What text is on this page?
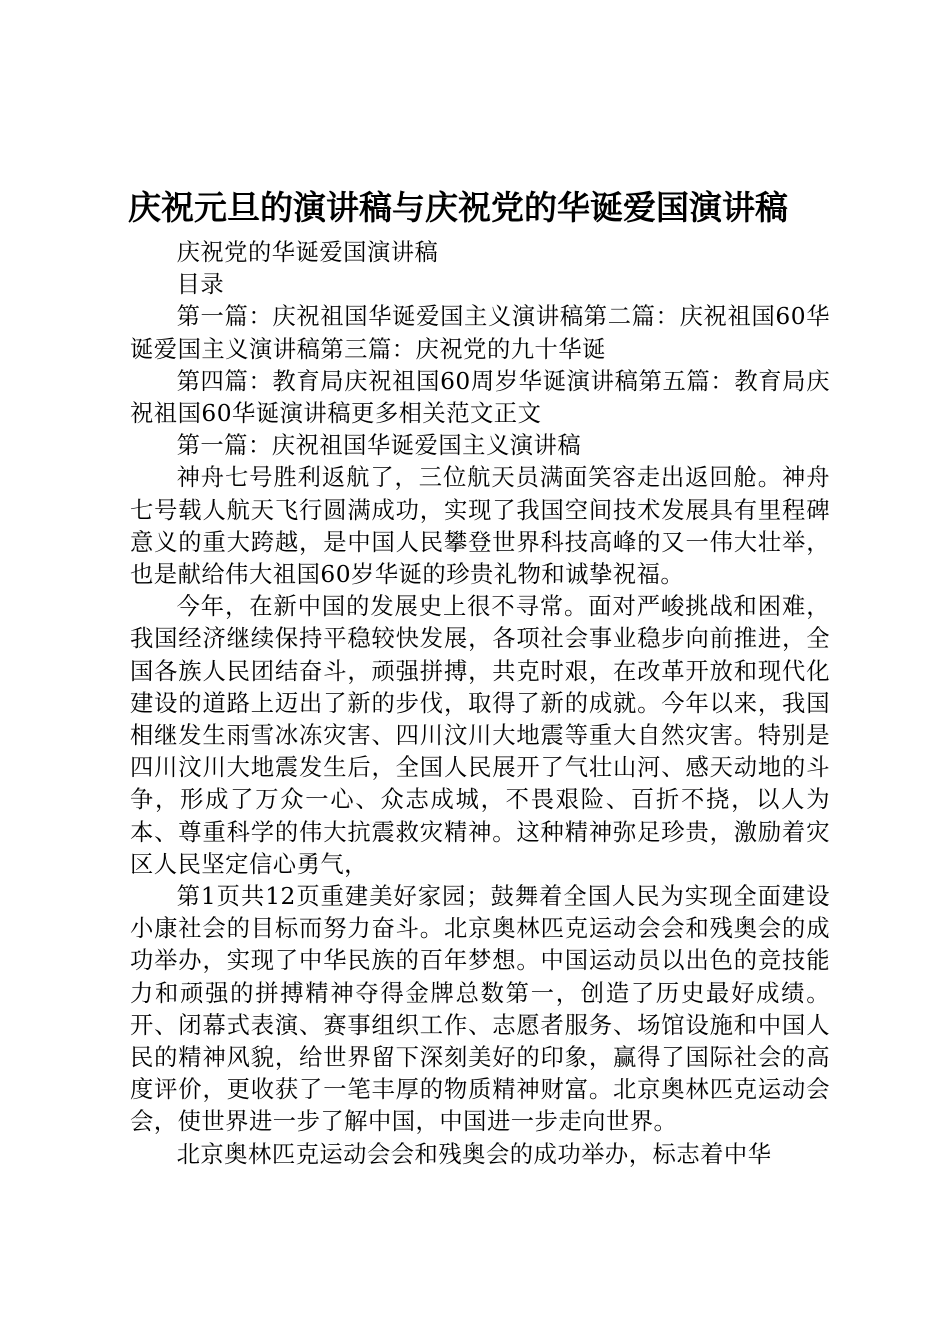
庆祝元旦的演讲稿与庆祝党的华诞爱国演讲稿

庆祝党的华诞爱国演讲稿

目录

第一篇：庆祝祖国华诞爱国主义演讲稿第二篇：庆祝祖国60华诞爱国主义演讲稿第三篇：庆祝党的九十华诞

第四篇：教育局庆祝祖国60周岁华诞演讲稿第五篇：教育局庆祝祖国60华诞演讲稿更多相关范文正文

第一篇：庆祝祖国华诞爱国主义演讲稿

神舟七号胜利返航了，三位航天员满面笑容走出返回舱。神舟七号载人航天飞行圆满成功，实现了我国空间技术发展具有里程碑意义的重大跨越，是中国人民攀登世界科技高峰的又一伟大壮举，也是献给伟大祖国60岁华诞的珍贵礼物和诚挚祝福。

今年，在新中国的发展史上很不寻常。面对严峻挑战和困难，我国经济继续保持平稳较快发展，各项社会事业稳步向前推进，全国各族人民团结奋斗，顽强拼搏，共克时艰，在改革开放和现代化建设的道路上迈出了新的步伐，取得了新的成就。今年以来，我国相继发生雨雪冰冻灾害、四川汶川大地震等重大自然灾害。特别是四川汶川大地震发生后，全国人民展开了气壮山河、感天动地的斗争，形成了万众一心、众志成城，不畏艰险、百折不挠，以人为本、尊重科学的伟大抗震救灾精神。这种精神弥足珍贵，激励着灾区人民坚定信心勇气，

第1页共12页重建美好家园；鼓舞着全国人民为实现全面建设小康社会的目标而努力奋斗。北京奥林匹克运动会会和残奥会的成功举办，实现了中华民族的百年梦想。中国运动员以出色的竞技能力和顽强的拼搏精神夺得金牌总数第一，创造了历史最好成绩。开、闭幕式表演、赛事组织工作、志愿者服务、场馆设施和中国人民的精神风貌，给世界留下深刻美好的印象，赢得了国际社会的高度评价，更收获了一笔丰厚的物质精神财富。北京奥林匹克运动会会，使世界进一步了解中国，中国进一步走向世界。

北京奥林匹克运动会会和残奥会的成功举办，标志着中华
